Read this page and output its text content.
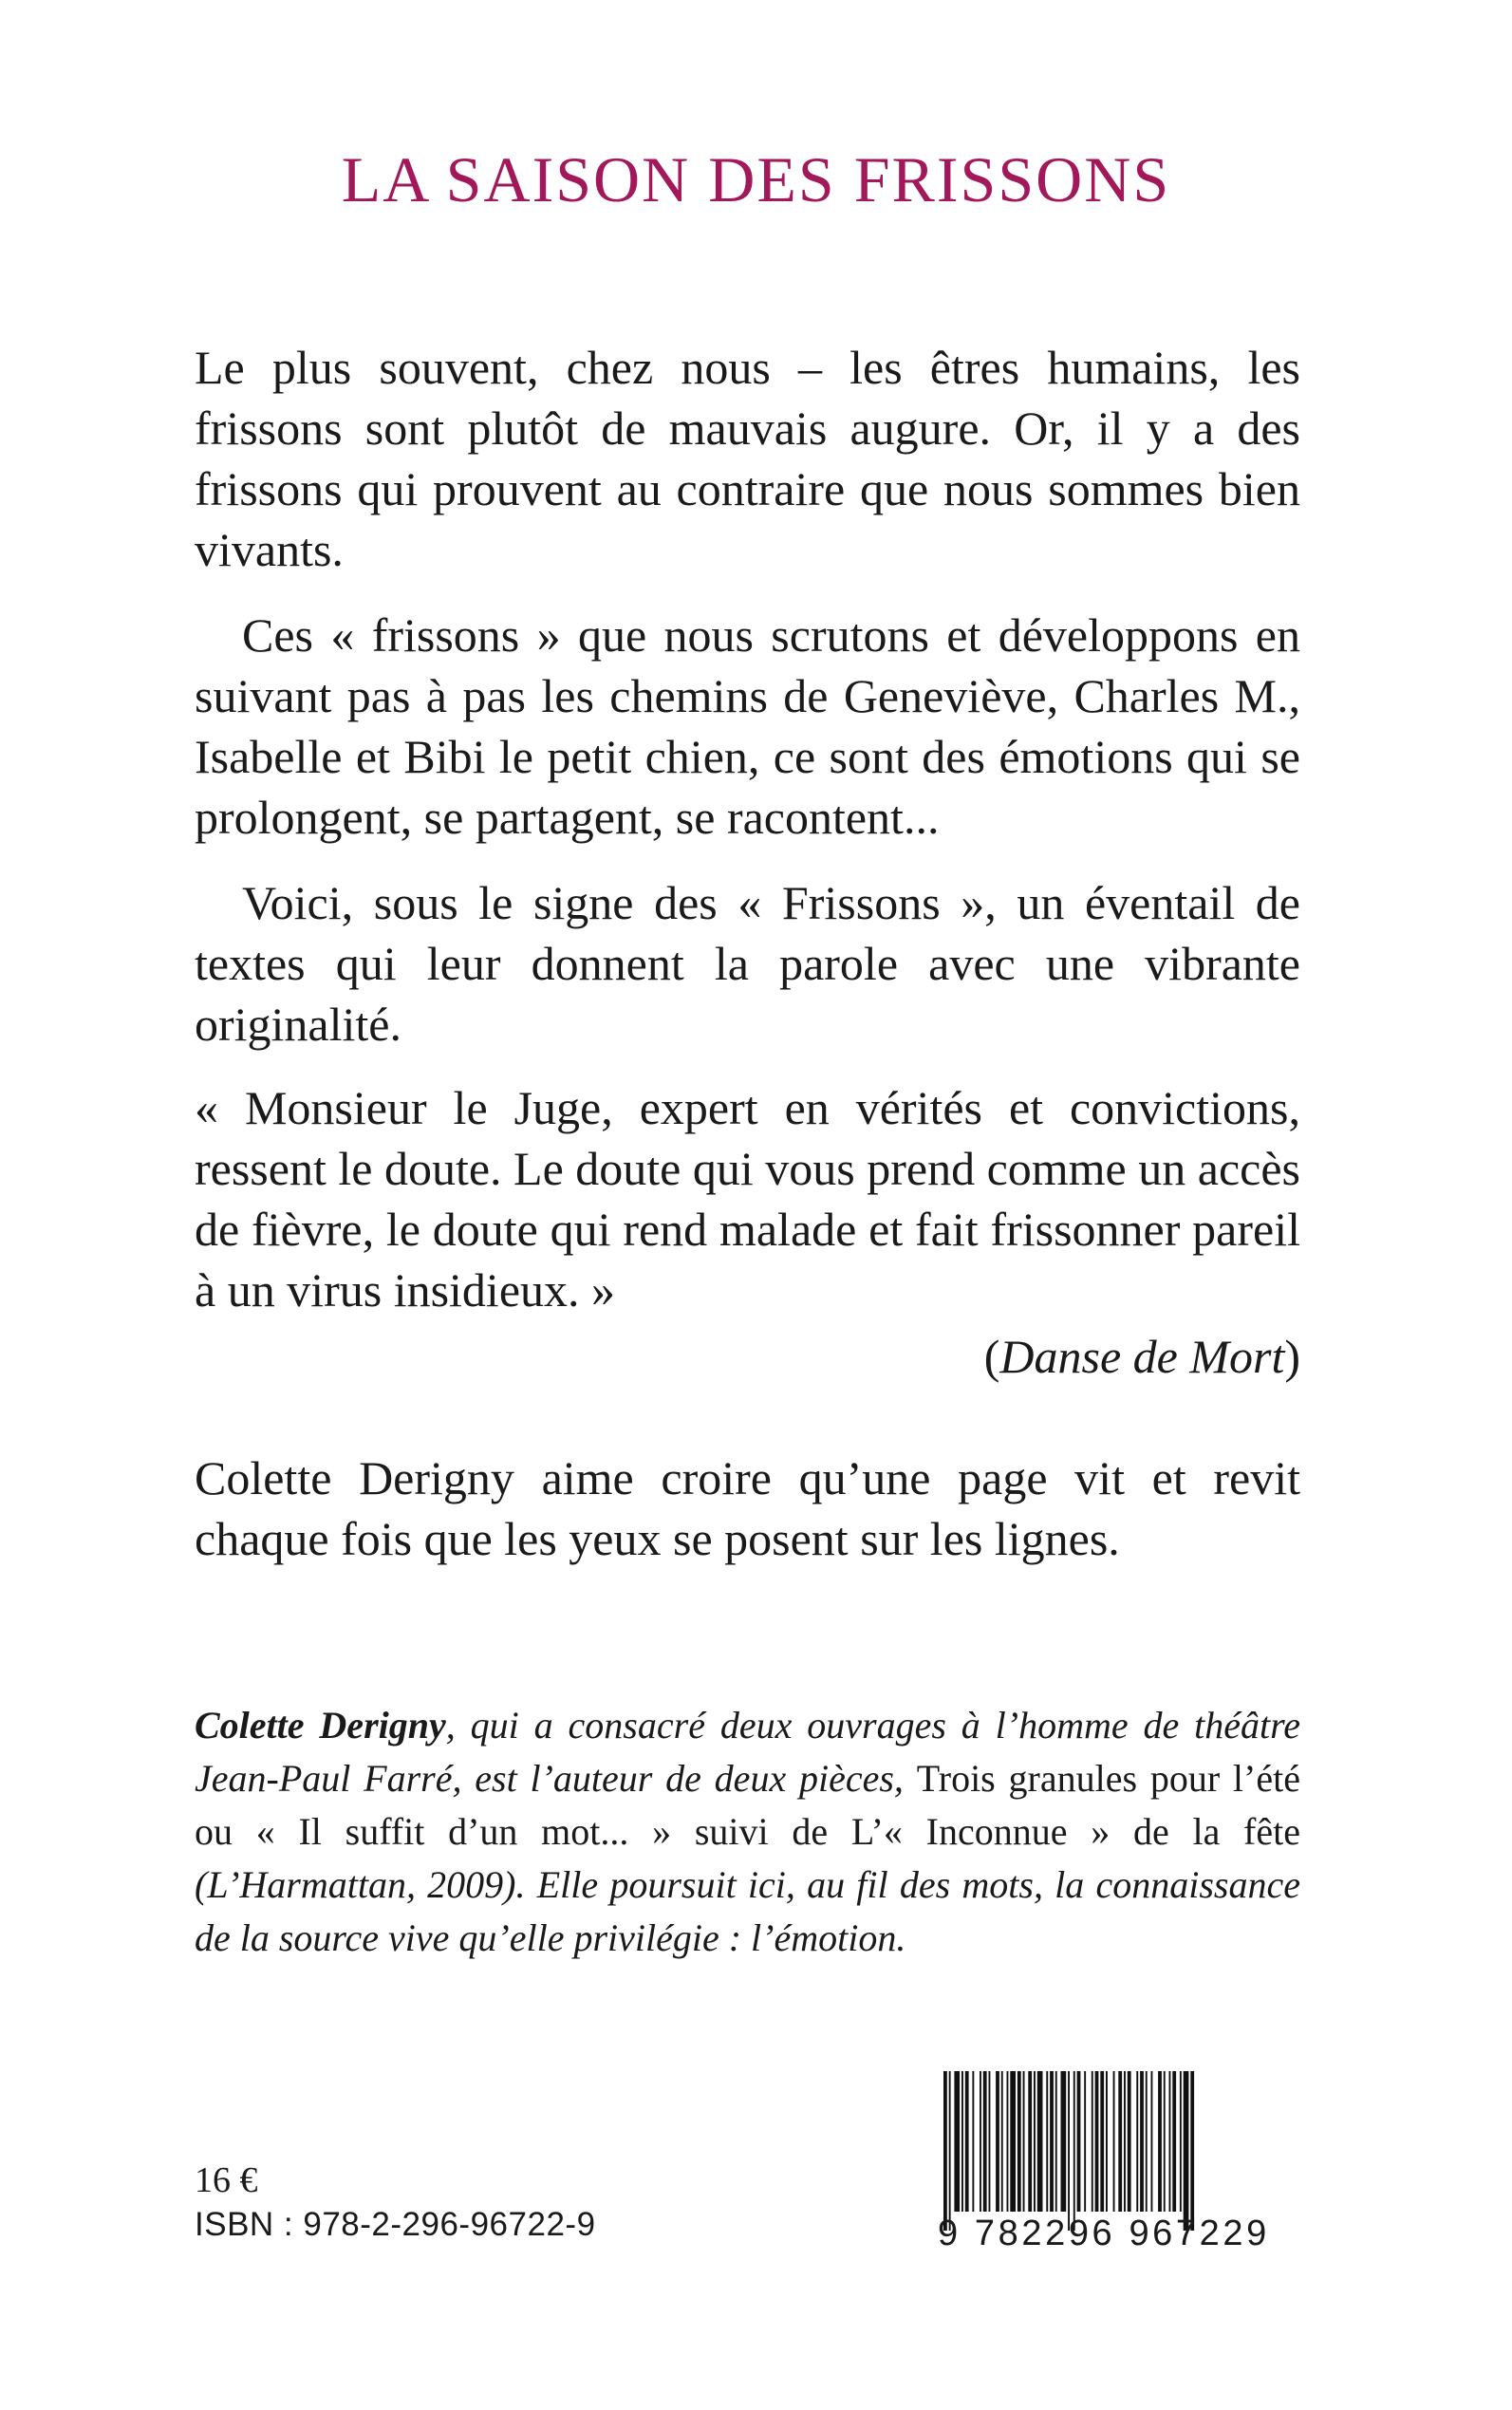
LA SAISON DES FRISSONS

Le plus souvent, chez nous – les êtres humains, les frissons sont plutôt de mauvais augure. Or, il y a des frissons qui prouvent au contraire que nous sommes bien vivants.

Ces « frissons » que nous scrutons et développons en suivant pas à pas les chemins de Geneviève, Charles M., Isabelle et Bibi le petit chien, ce sont des émotions qui se prolongent, se partagent, se racontent...

Voici, sous le signe des « Frissons », un éventail de textes qui leur donnent la parole avec une vibrante originalité.

« Monsieur le Juge, expert en vérités et convictions, ressent le doute. Le doute qui vous prend comme un accès de fièvre, le doute qui rend malade et fait frissonner pareil à un virus insidieux. »

(Danse de Mort)

Colette Derigny aime croire qu’une page vit et revit chaque fois que les yeux se posent sur les lignes.

Colette Derigny, qui a consacré deux ouvrages à l’homme de théâtre Jean-Paul Farré, est l’auteur de deux pièces, Trois granules pour l’été ou « Il suffit d’un mot... » suivi de L’« Inconnue » de la fête (L’Harmattan, 2009). Elle poursuit ici, au fil des mots, la connaissance de la source vive qu’elle privilégie : l’émotion.

16 €
ISBN : 978-2-296-96722-9	9 782296 967229
